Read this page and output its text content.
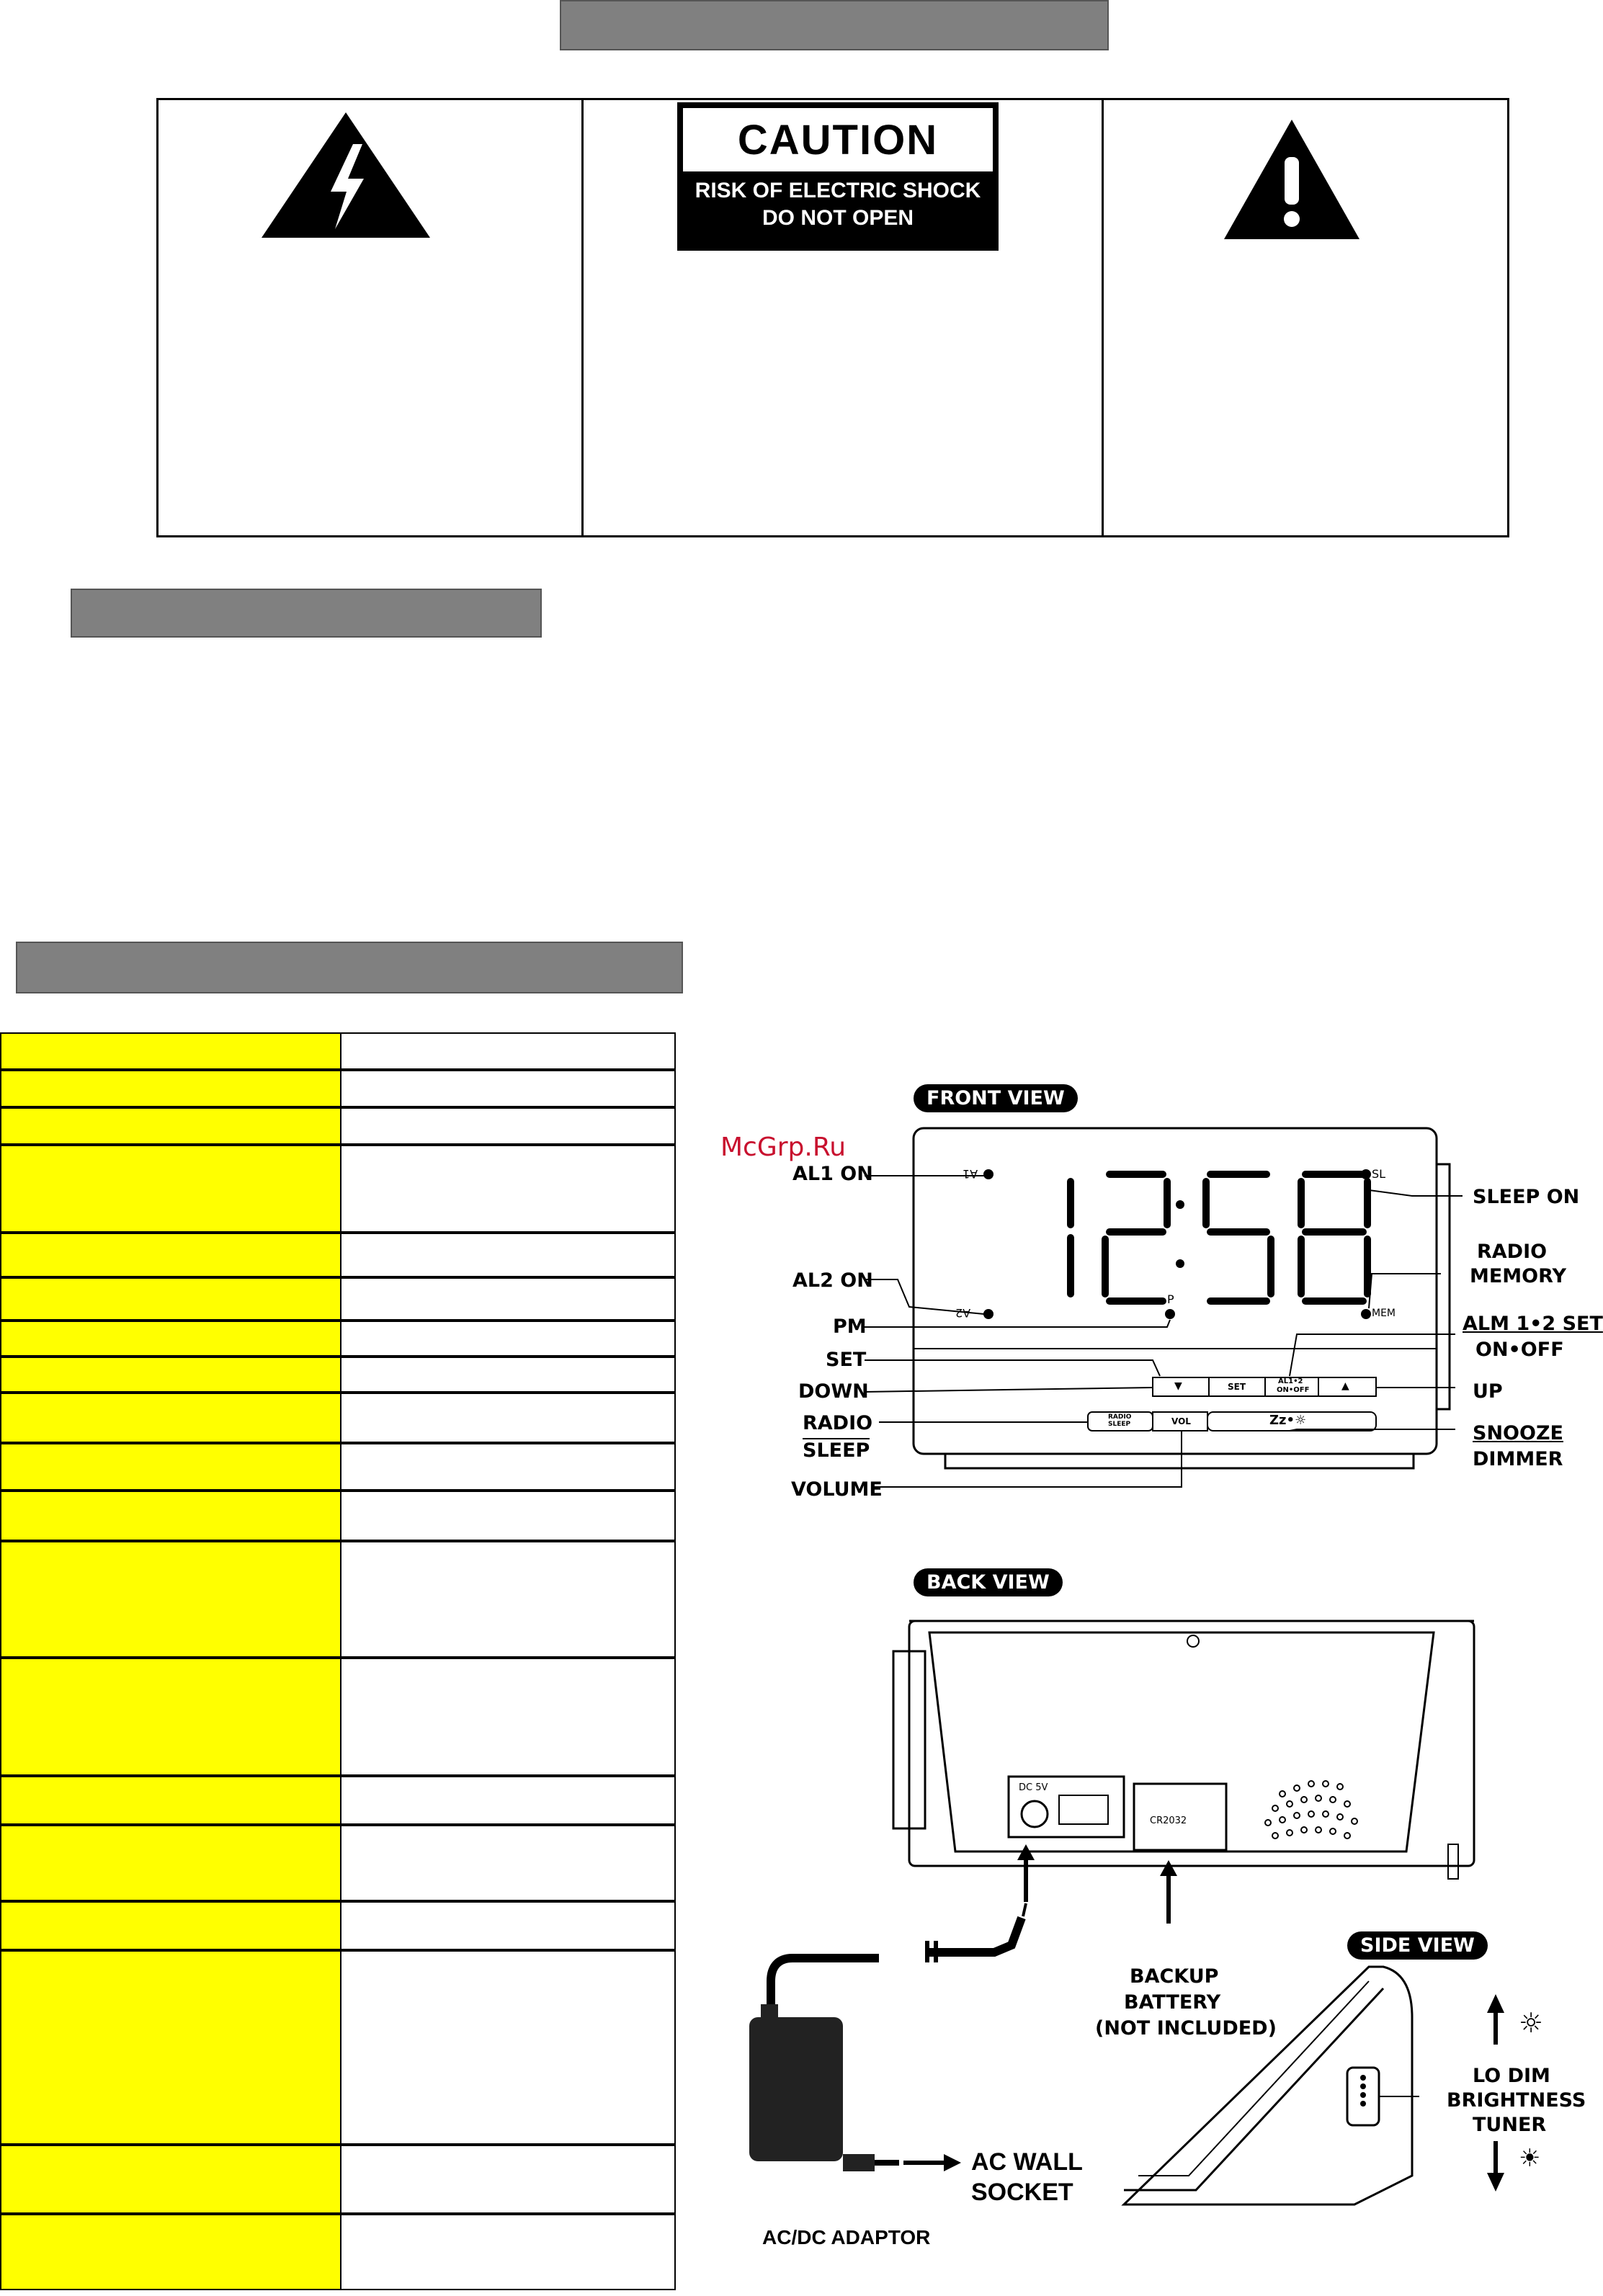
CAUTION
RISK OF ELECTRIC SHOCK
DO NOT OPEN
McGrp.Ru
FRONT VIEW
A1
A2
P
SL
MEM
▼	SET
AL1•2
ON•OFF	▲
RADIO
SLEEP	VOL	Zz•☼
AL1 ON
AL2 ON
PM
SET
DOWN
RADIO
SLEEP
VOLUME
SLEEP ON
RADIO
MEMORY
ALM 1•2 SET
ON•OFF
UP
SNOOZE
DIMMER
BACK VIEW
DC 5V
CR2032
BACKUP
BATTERY
(NOT INCLUDED)
AC WALL
SOCKET
AC/DC ADAPTOR
SIDE VIEW
☼
☀
LO DIM
BRIGHTNESS
TUNER
